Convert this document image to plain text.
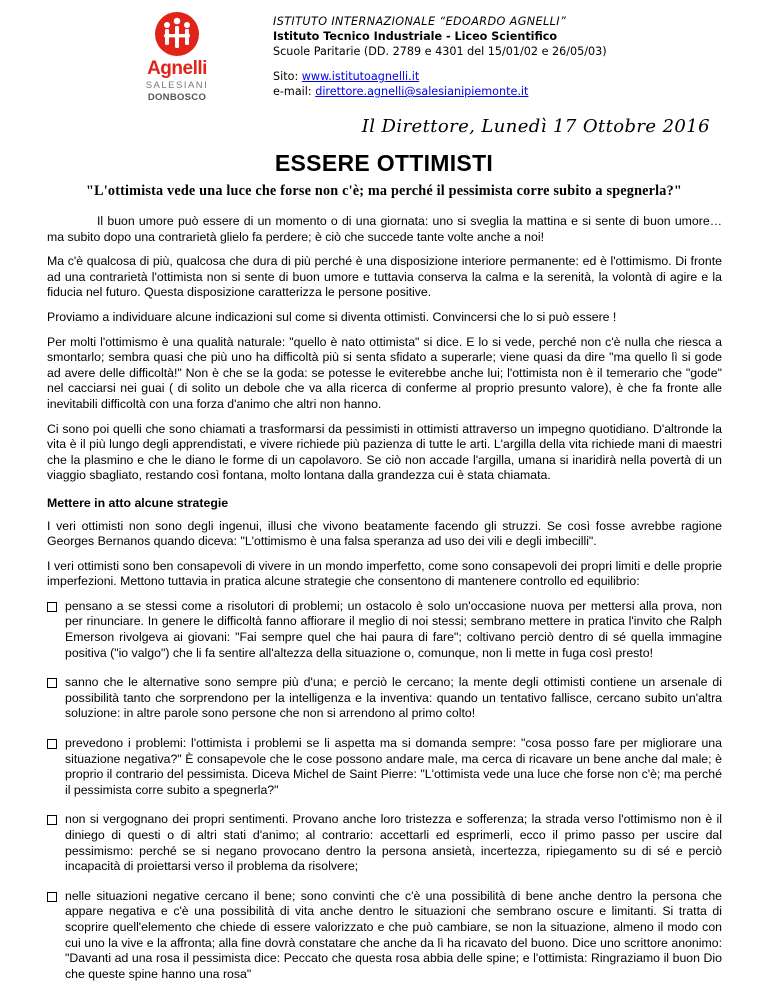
Agnelli
SALESIANI
DONBOSCO
ISTITUTO INTERNAZIONALE “EDOARDO AGNELLI”
Istituto Tecnico Industriale - Liceo Scientifico
Scuole Paritarie (DD. 2789 e 4301 del 15/01/02 e 26/05/03)
Sito: www.istitutoagnelli.it
e-mail: direttore.agnelli@salesianipiemonte.it
Il Direttore, Lunedì 17 Ottobre 2016
ESSERE OTTIMISTI
"L'ottimista vede una luce che forse non c'è; ma perché il pessimista corre subito a spegnerla?"

Il buon umore può essere di un momento o di una giornata: uno si sveglia la mattina e si sente di buon umore… ma subito dopo una contrarietà glielo fa perdere; è ciò che succede tante volte anche a noi!

Ma c'è qualcosa di più, qualcosa che dura di più perché è una disposizione interiore permanente: ed è l'ottimismo. Di fronte ad una contrarietà l'ottimista non si sente di buon umore e tuttavia conserva la calma e la serenità, la volontà di agire e la fiducia nel futuro. Questa disposizione caratterizza le persone positive.

Proviamo a individuare alcune indicazioni sul come si diventa ottimisti. Convincersi che lo si può essere !

Per molti l'ottimismo è una qualità naturale: "quello è nato ottimista" si dice. E lo si vede, perché non c'è nulla che riesca a smontarlo; sembra quasi che più uno ha difficoltà più si senta sfidato a superarle; viene quasi da dire "ma quello lì si gode ad avere delle difficoltà!" Non è che se la goda: se potesse le eviterebbe anche lui; l'ottimista non è il temerario che "gode" nel cacciarsi nei guai ( di solito un debole che va alla ricerca di conferme al proprio presunto valore), è che fa fronte alle inevitabili difficoltà con una forza d'animo che altri non hanno.

Ci sono poi quelli che sono chiamati a trasformarsi da pessimisti in ottimisti attraverso un impegno quotidiano. D'altronde la vita è il più lungo degli apprendistati, e vivere richiede più pazienza di tutte le arti. L'argilla della vita richiede mani di maestri che la plasmino e che le diano le forme di un capolavoro. Se ciò non accade l'argilla, umana si inaridirà nella povertà di un viaggio sbagliato, restando così fontana, molto lontana dalla grandezza cui è stata chiamata.

Mettere in atto alcune strategie

I veri ottimisti non sono degli ingenui, illusi che vivono beatamente facendo gli struzzi. Se così fosse avrebbe ragione Georges Bernanos quando diceva: "L'ottimismo è una falsa speranza ad uso dei vili e degli imbecilli".

I veri ottimisti sono ben consapevoli di vivere in un mondo imperfetto, come sono consapevoli dei propri limiti e delle proprie imperfezioni. Mettono tuttavia in pratica alcune strategie che consentono di mantenere controllo ed equilibrio:

pensano a se stessi come a risolutori di problemi; un ostacolo è solo un'occasione nuova per mettersi alla prova, non per rinunciare. In genere le difficoltà fanno affiorare il meglio di noi stessi; sembrano mettere in pratica l'invito che Ralph Emerson rivolgeva ai giovani: "Fai sempre quel che hai paura di fare"; coltivano perciò dentro di sé quella immagine positiva ("io valgo") che li fa sentire all'altezza della situazione o, comunque, non li mette in fuga così presto!
sanno che le alternative sono sempre più d'una; e perciò le cercano; la mente degli ottimisti contiene un arsenale di possibilità tanto che sorprendono per la intelligenza e la inventiva: quando un tentativo fallisce, cercano subito un'altra soluzione: in altre parole sono persone che non si arrendono al primo colto!
prevedono i problemi: l'ottimista i problemi se li aspetta ma si domanda sempre: "cosa posso fare per migliorare una situazione negativa?" È consapevole che le cose possono andare male, ma cerca di ricavare un bene anche dal male; è proprio il contrario del pessimista. Diceva Michel de Saint Pierre: "L'ottimista vede una luce che forse non c'è; ma perché il pessimista corre subito a spegnerla?"
non si vergognano dei propri sentimenti. Provano anche loro tristezza e sofferenza; la strada verso l'ottimismo non è il diniego di questi o di altri stati d'animo; al contrario: accettarli ed esprimerli, ecco il primo passo per uscire dal pessimismo: perché se si negano provocano dentro la persona ansietà, incertezza, ripiegamento su di sé e perciò incapacità di proiettarsi verso il problema da risolvere;
nelle situazioni negative cercano il bene; sono convinti che c'è una possibilità di bene anche dentro la persona che appare negativa e c'è una possibilità di vita anche dentro le situazioni che sembrano oscure e limitanti. Si tratta di scoprire quell'elemento che chiede di essere valorizzato e che può cambiare, se non la situazione, almeno il modo con cui uno la vive e la affronta; alla fine dovrà constatare che anche da lì ha ricavato del buono. Dice uno scrittore anonimo: "Davanti ad una rosa il pessimista dice: Peccato che questa rosa abbia delle spine; e l'ottimista: Ringraziamo il buon Dio che queste spine hanno una rosa"
